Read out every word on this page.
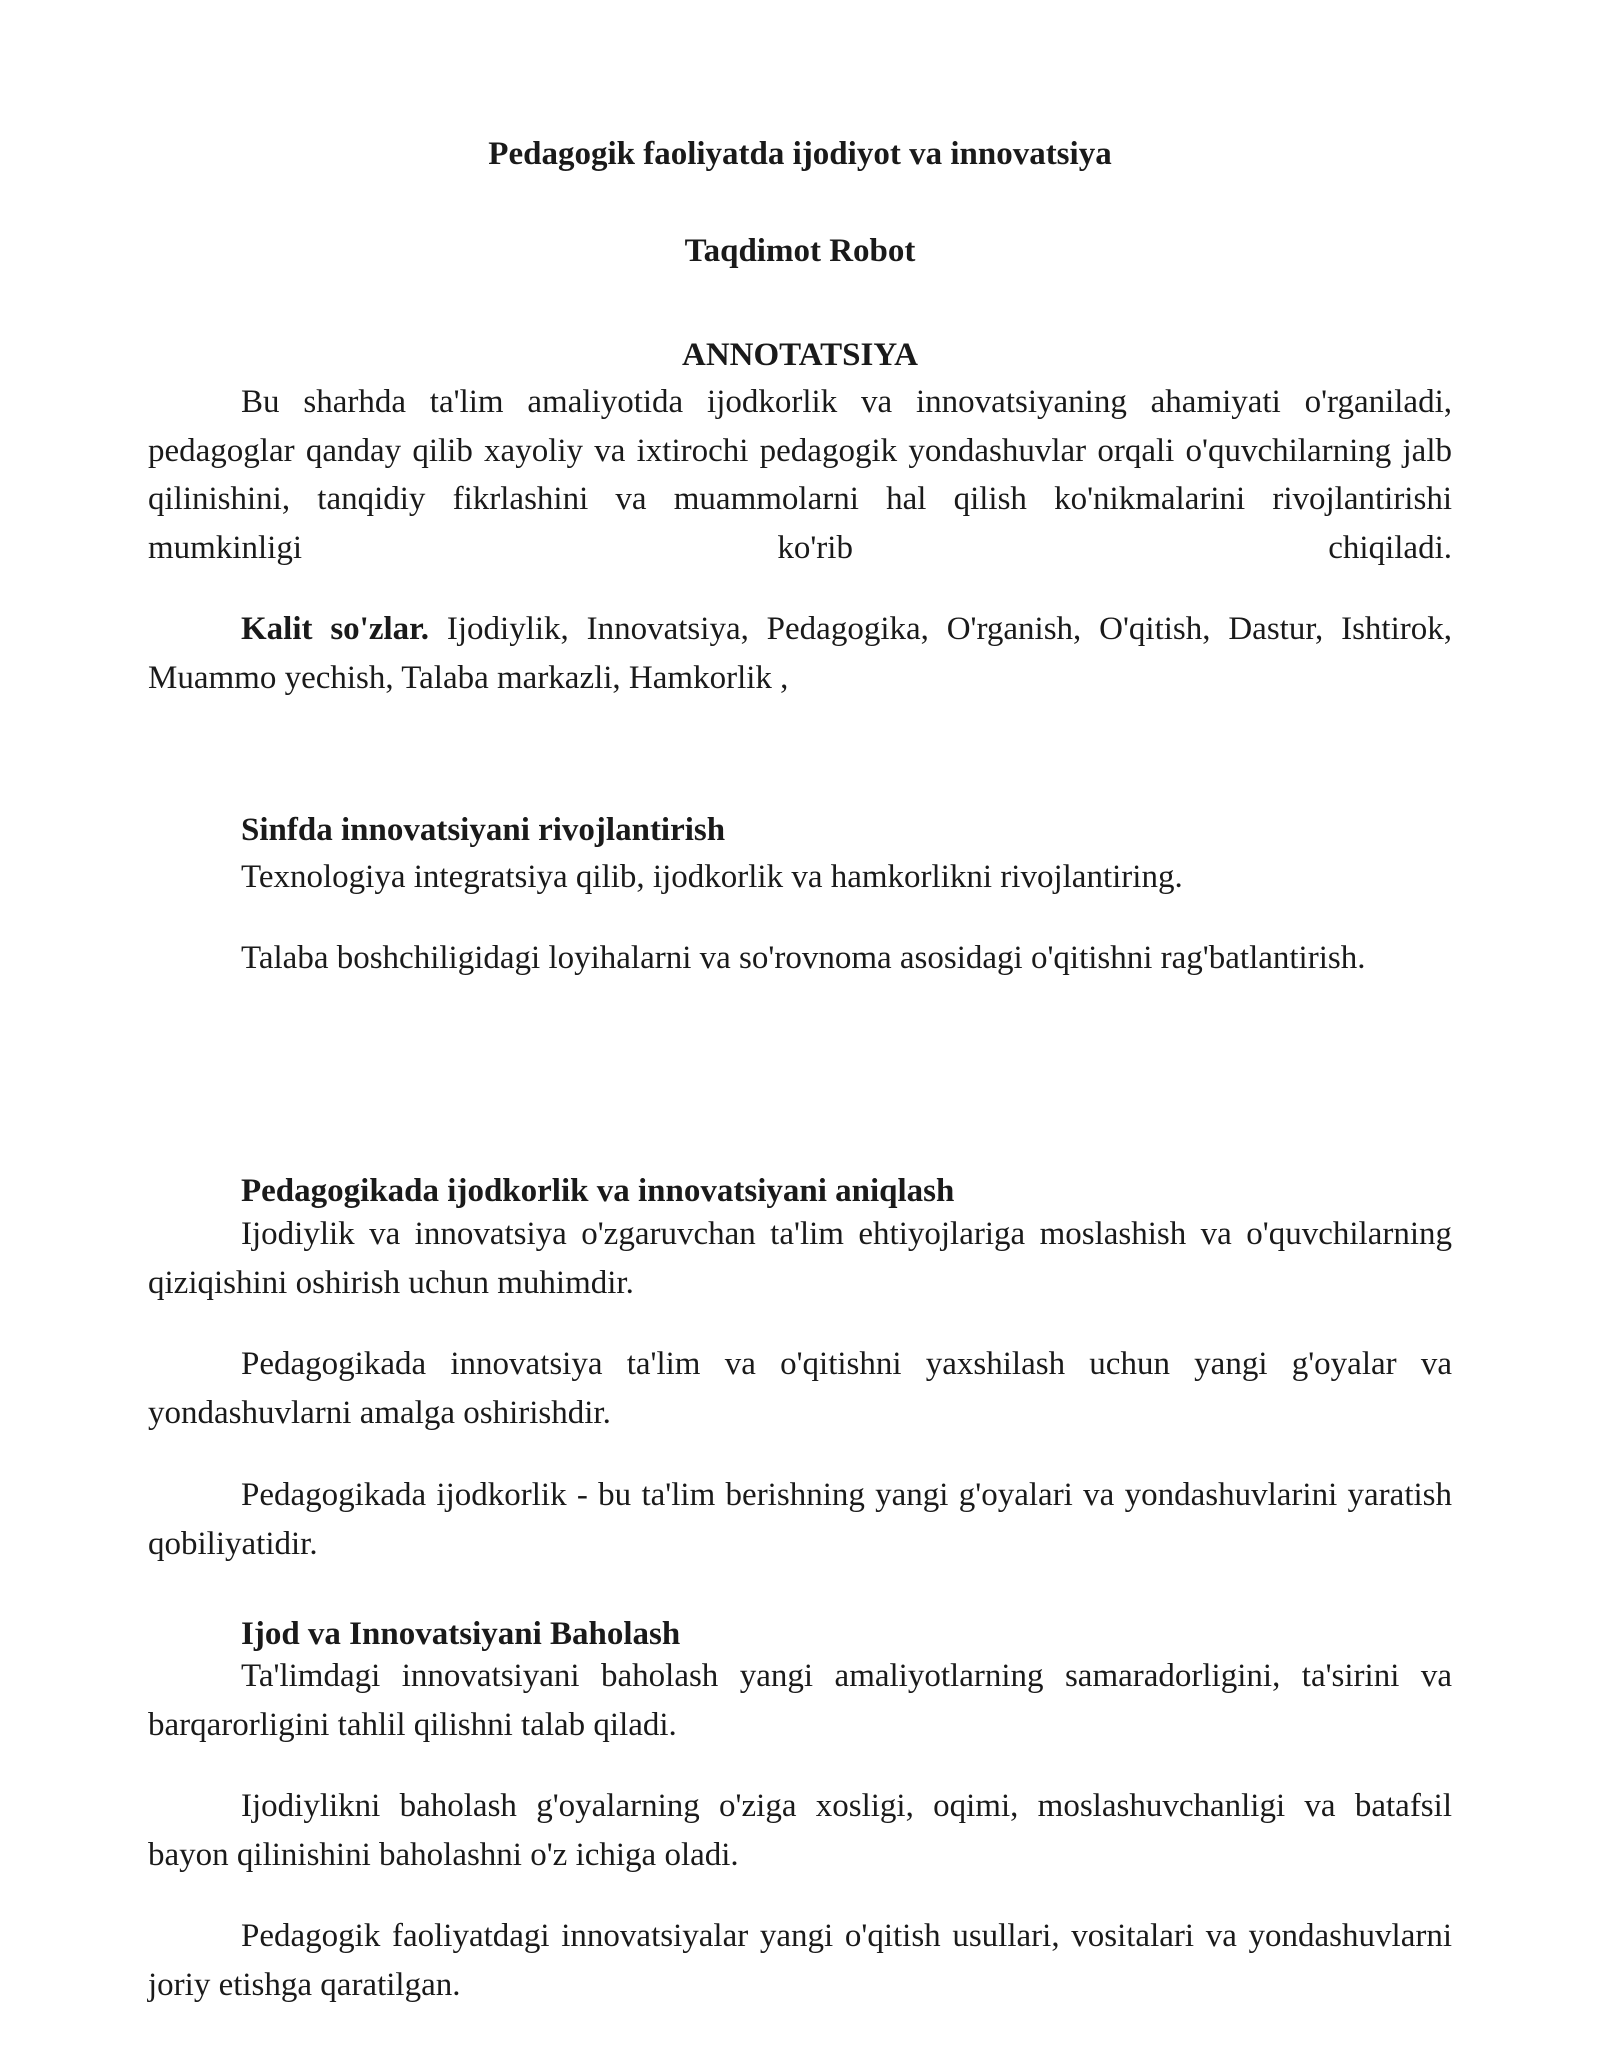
Pedagogik faoliyatda ijodiyot va innovatsiya
Taqdimot Robot
ANNOTATSIYA

Bu sharhda ta'lim amaliyotida ijodkorlik va innovatsiyaning ahamiyati o'rganiladi, pedagoglar qanday qilib xayoliy va ixtirochi pedagogik yondashuvlar orqali o'quvchilarning jalb qilinishini, tanqidiy fikrlashini va muammolarni hal qilish ko'nikmalarini rivojlantirishi mumkinligi ko'rib chiqiladi.

Kalit so'zlar. Ijodiylik, Innovatsiya, Pedagogika, O'rganish, O'qitish, Dastur, Ishtirok, Muammo yechish, Talaba markazli, Hamkorlik ,

Sinfda innovatsiyani rivojlantirish

Texnologiya integratsiya qilib, ijodkorlik va hamkorlikni rivojlantiring.

Talaba boshchiligidagi loyihalarni va so'rovnoma asosidagi o'qitishni rag'batlantirish.

Pedagogikada ijodkorlik va innovatsiyani aniqlash

Ijodiylik va innovatsiya o'zgaruvchan ta'lim ehtiyojlariga moslashish va o'quvchilarning qiziqishini oshirish uchun muhimdir.

Pedagogikada innovatsiya ta'lim va o'qitishni yaxshilash uchun yangi g'oyalar va yondashuvlarni amalga oshirishdir.

Pedagogikada ijodkorlik - bu ta'lim berishning yangi g'oyalari va yondashuvlarini yaratish qobiliyatidir.

Ijod va Innovatsiyani Baholash

Ta'limdagi innovatsiyani baholash yangi amaliyotlarning samaradorligini, ta'sirini va barqarorligini tahlil qilishni talab qiladi.

Ijodiylikni baholash g'oyalarning o'ziga xosligi, oqimi, moslashuvchanligi va batafsil bayon qilinishini baholashni o'z ichiga oladi.

Pedagogik faoliyatdagi innovatsiyalar yangi o'qitish usullari, vositalari va yondashuvlarni joriy etishga qaratilgan.
